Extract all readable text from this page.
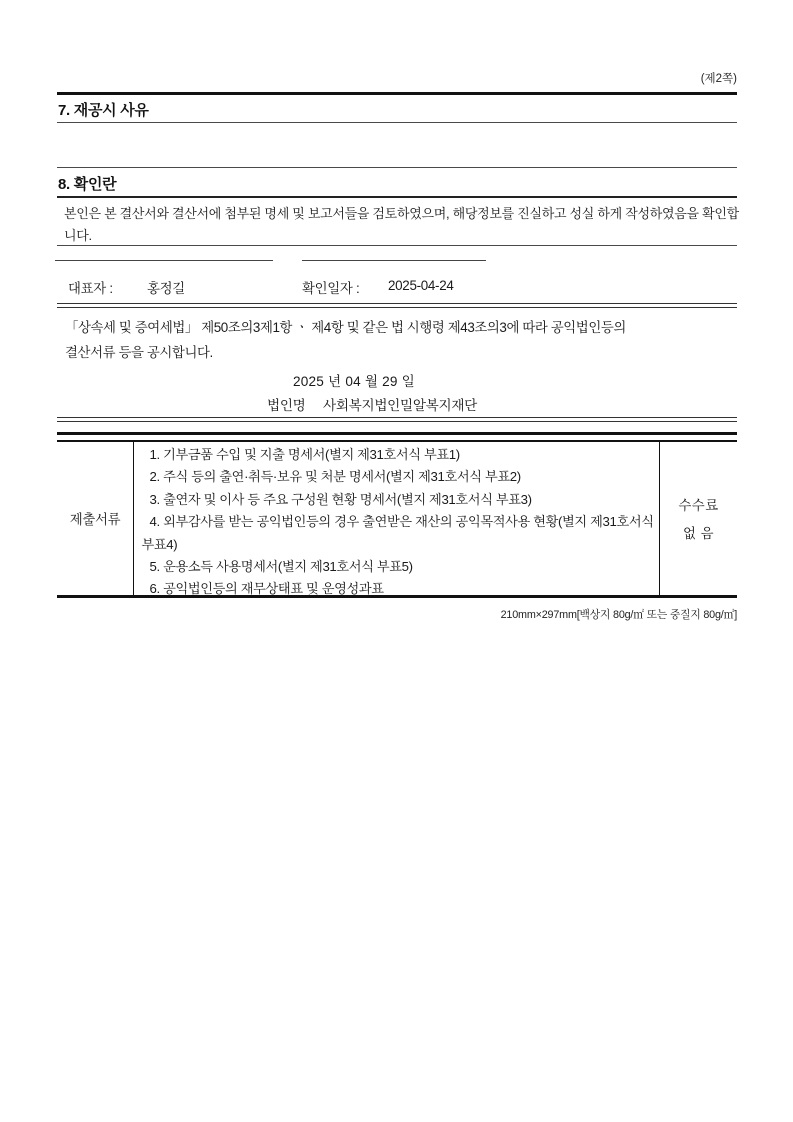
(제2쪽)
7. 재공시 사유
8. 확인란
본인은 본 결산서와 결산서에 첨부된 명세 및 보고서들을 검토하였으며, 해당정보를 진실하고 성실 하게 작성하였음을 확인합니다.
대표자 :	홍정길	확인일자 : 2025-04-24
「상속세 및 증여세법」 제50조의3제1항 ㆍ 제4항 및 같은 법 시행령 제43조의3에 따라 공익법인등의
결산서류 등을 공시합니다.
2025 년 04 월 29 일
법인명 사회복지법인밀알복지재단
제출서류
1. 기부금품 수입 및 지출 명세서(별지 제31호서식 부표1)
2. 주식 등의 출연·취득·보유 및 처분 명세서(별지 제31호서식 부표2)
3. 출연자 및 이사 등 주요 구성원 현황 명세서(별지 제31호서식 부표3)
4. 외부감사를 받는 공익법인등의 경우 출연받은 재산의 공익목적사용 현황(별지 제31호서식 부표4)
5. 운용소득 사용명세서(별지 제31호서식 부표5)
6. 공익법인등의 재무상태표 및 운영성과표
수수료
없 음
210mm×297mm[백상지 80g/㎡ 또는 중질지 80g/㎡]
